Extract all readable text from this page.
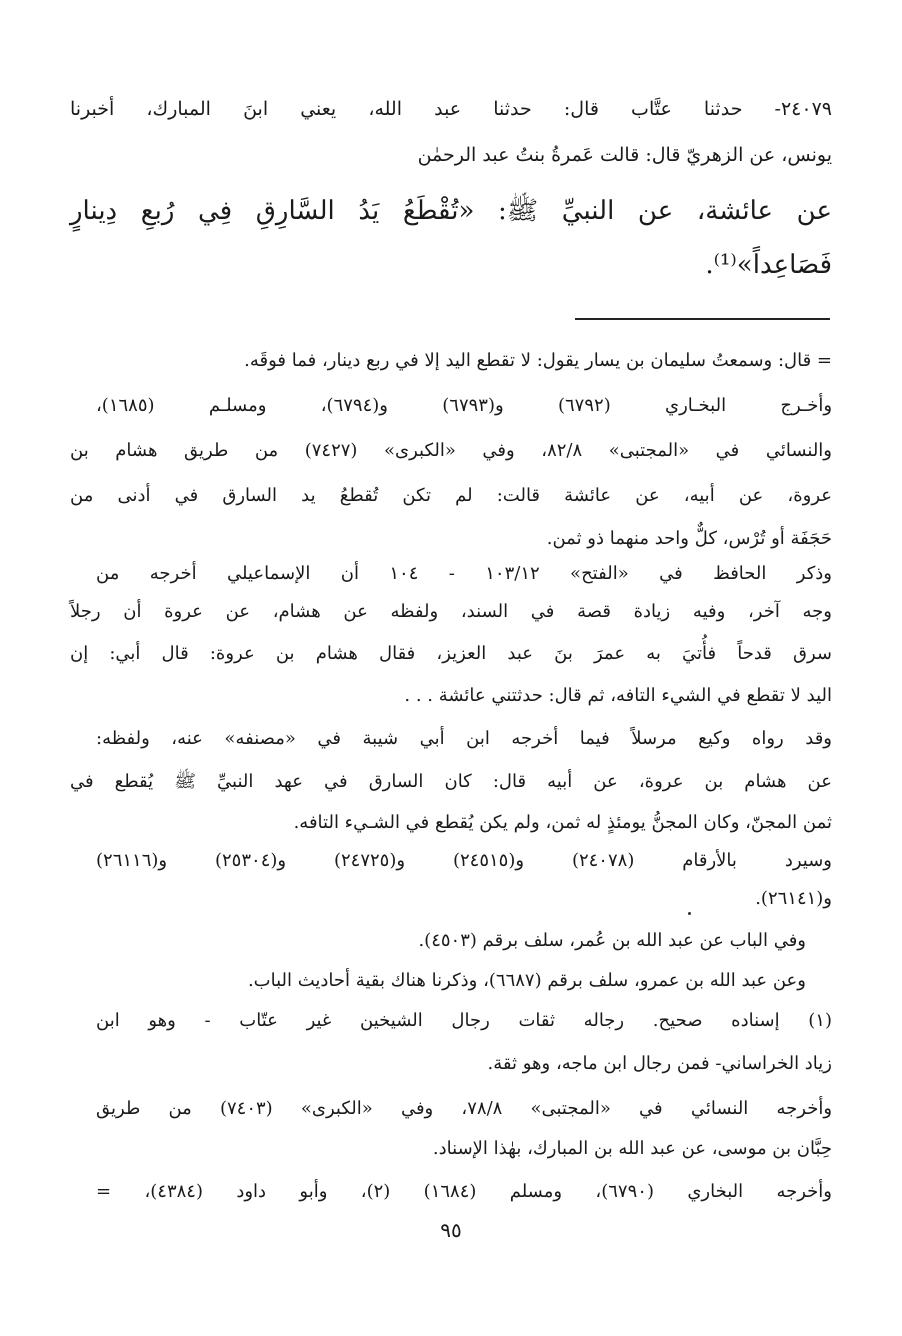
٢٤٠٧٩- حدثنا عتَّاب قال: حدثنا عبد الله، يعني ابنَ المبارك، أخبرنا
يونس، عن الزهريّ قال: قالت عَمرةُ بنتُ عبد الرحمٰن
عن عائشة، عن النبيِّ ﷺ: «تُقْطَعُ يَدُ السَّارِقِ فِي رُبعِ دِينارٍ
فَصَاعِداً»⁽¹⁾.
= قال: وسمعتُ سليمان بن يسار يقول: لا تقطع اليد إلا في ربع دينار، فما فوقَه.
وأخـرج البخـاري (٦٧٩٢) و(٦٧٩٣) و(٦٧٩٤)، ومسلـم (١٦٨٥)،
والنسائي في «المجتبى» ٨٢/٨، وفي «الكبرى» (٧٤٢٧) من طريق هشام بن
عروة، عن أبيه، عن عائشة قالت: لم تكن تُقطعُ يد السارق في أدنى من
حَجَفَة أو تُرْس، كلٌّ واحد منهما ذو ثمن.
وذكر الحافظ في «الفتح» ١٠٣/١٢ - ١٠٤ أن الإسماعيلي أخرجه من
وجه آخر، وفيه زيادة قصة في السند، ولفظه عن هشام، عن عروة أن رجلاً
سرق قدحاً فأُتيَ به عمرَ بنَ عبد العزيز، فقال هشام بن عروة: قال أبي: إن
اليد لا تقطع في الشيء التافه، ثم قال: حدثتني عائشة . . .
وقد رواه وكيع مرسلاً فيما أخرجه ابن أبي شيبة في «مصنفه» عنه، ولفظه:
عن هشام بن عروة، عن أبيه قال: كان السارق في عهد النبيِّ ﷺ يُقطع في
ثمن المجنّ، وكان المجنُّ يومئذٍ له ثمن، ولم يكن يُقطع في الشـيء التافه.
وسيرد بالأرقام (٢٤٠٧٨) و(٢٤٥١٥) و(٢٤٧٢٥) و(٢٥٣٠٤) و(٢٦١١٦)
و(٢٦١٤١).
وفي الباب عن عبد الله بن عُمر، سلف برقم (٤٥٠٣).
وعن عبد الله بن عمرو، سلف برقم (٦٦٨٧)، وذكرنا هناك بقية أحاديث الباب.
(١) إسناده صحيح. رجاله ثقات رجال الشيخين غير عتّاب - وهو ابن
زياد الخراساني- فمن رجال ابن ماجه، وهو ثقة.
وأخرجه النسائي في «المجتبى» ٧٨/٨، وفي «الكبرى» (٧٤٠٣) من طريق
حِبَّان بن موسى، عن عبد الله بن المبارك، بهٰذا الإسناد.
وأخرجه البخاري (٦٧٩٠)، ومسلم (١٦٨٤) (٢)، وأبو داود (٤٣٨٤)، =
٩٥
